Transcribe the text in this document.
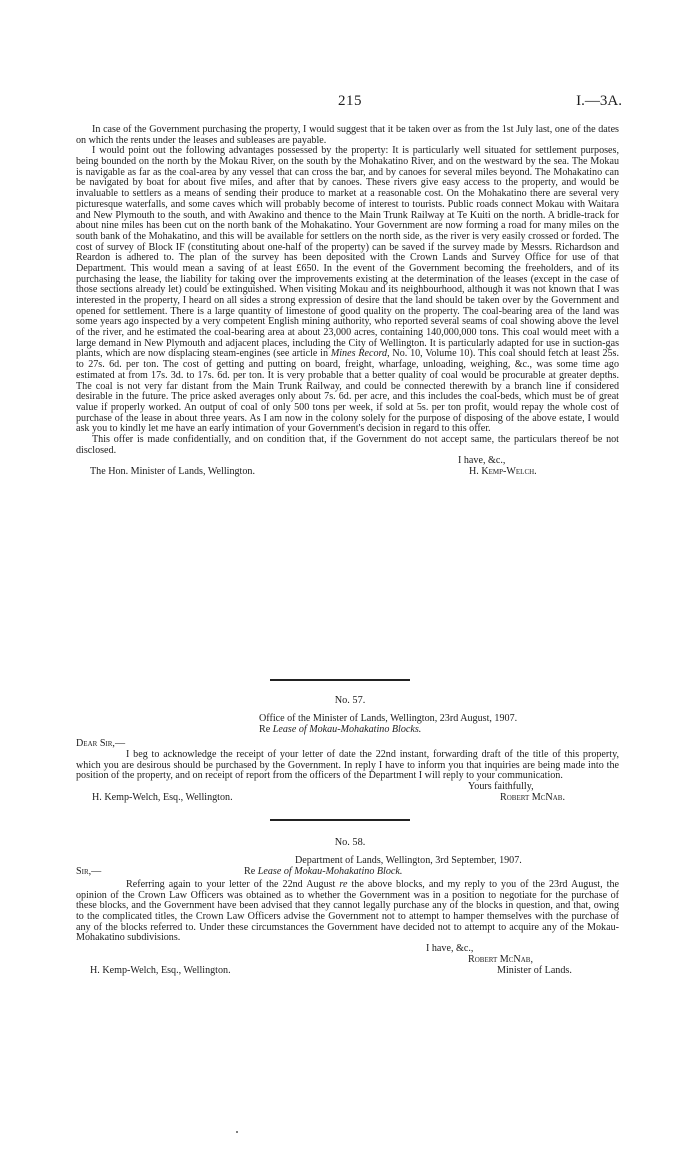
215	I.—3A.

In case of the Government purchasing the property, I would suggest that it be taken over as from the 1st July last, one of the dates on which the rents under the leases and subleases are payable.

I would point out the following advantages possessed by the property: It is particularly well situated for settlement purposes, being bounded on the north by the Mokau River, on the south by the Mohakatino River, and on the westward by the sea. The Mokau is navigable as far as the coal-area by any vessel that can cross the bar, and by canoes for several miles beyond. The Mohakatino can be navigated by boat for about five miles, and after that by canoes. These rivers give easy access to the property, and would be invaluable to settlers as a means of sending their produce to market at a reasonable cost. On the Mohakatino there are several very picturesque waterfalls, and some caves which will probably become of interest to tourists. Public roads connect Mokau with Waitara and New Plymouth to the south, and with Awakino and thence to the Main Trunk Railway at Te Kuiti on the north. A bridle-track for about nine miles has been cut on the north bank of the Mohakatino. Your Government are now forming a road for many miles on the south bank of the Mohakatino, and this will be available for settlers on the north side, as the river is very easily crossed or forded. The cost of survey of Block IF (constituting about one-half of the property) can be saved if the survey made by Messrs. Richardson and Reardon is adhered to. The plan of the survey has been deposited with the Crown Lands and Survey Office for use of that Department. This would mean a saving of at least £650. In the event of the Government becoming the freeholders, and of its purchasing the lease, the liability for taking over the improvements existing at the determination of the leases (except in the case of those sections already let) could be extinguished. When visiting Mokau and its neighbourhood, although it was not known that I was interested in the property, I heard on all sides a strong expression of desire that the land should be taken over by the Government and opened for settlement. There is a large quantity of limestone of good quality on the property. The coal-bearing area of the land was some years ago inspected by a very competent English mining authority, who reported several seams of coal showing above the level of the river, and he estimated the coal-bearing area at about 23,000 acres, containing 140,000,000 tons. This coal would meet with a large demand in New Plymouth and adjacent places, including the City of Wellington. It is particularly adapted for use in suction-gas plants, which are now displacing steam-engines (see article in Mines Record, No. 10, Volume 10). This coal should fetch at least 25s. to 27s. 6d. per ton. The cost of getting and putting on board, freight, wharfage, unloading, weighing, &c., was some time ago estimated at from 17s. 3d. to 17s. 6d. per ton. It is very probable that a better quality of coal would be procurable at greater depths. The coal is not very far distant from the Main Trunk Railway, and could be connected therewith by a branch line if considered desirable in the future. The price asked averages only about 7s. 6d. per acre, and this includes the coal-beds, which must be of great value if properly worked. An output of coal of only 500 tons per week, if sold at 5s. per ton profit, would repay the whole cost of purchase of the lease in about three years. As I am now in the colony solely for the purpose of disposing of the above estate, I would ask you to kindly let me have an early intimation of your Government's decision in regard to this offer.

This offer is made confidentially, and on condition that, if the Government do not accept same, the particulars thereof be not disclosed.

I have, &c.,
The Hon. Minister of Lands, Wellington.	H. Kemp-Welch.
No. 57.
Office of the Minister of Lands, Wellington, 23rd August, 1907.
Re Lease of Mokau-Mohakatino Blocks.
Dear Sir,—

I beg to acknowledge the receipt of your letter of date the 22nd instant, forwarding draft of the title of this property, which you are desirous should be purchased by the Government. In reply I have to inform you that inquiries are being made into the position of the property, and on receipt of report from the officers of the Department I will reply to your communication.

Yours faithfully,
H. Kemp-Welch, Esq., Wellington.	Robert McNab.
No. 58.
Department of Lands, Wellington, 3rd September, 1907.
Sir,—	Re Lease of Mokau-Mohakatino Block.

Referring again to your letter of the 22nd August re the above blocks, and my reply to you of the 23rd August, the opinion of the Crown Law Officers was obtained as to whether the Government was in a position to negotiate for the purchase of these blocks, and the Government have been advised that they cannot legally purchase any of the blocks in question, and that, owing to the complicated titles, the Crown Law Officers advise the Government not to attempt to hamper themselves with the purchase of any of the blocks referred to. Under these circumstances the Government have decided not to attempt to acquire any of the Mokau-Mohakatino subdivisions.

I have, &c.,
Robert McNab,
H. Kemp-Welch, Esq., Wellington.	Minister of Lands.
